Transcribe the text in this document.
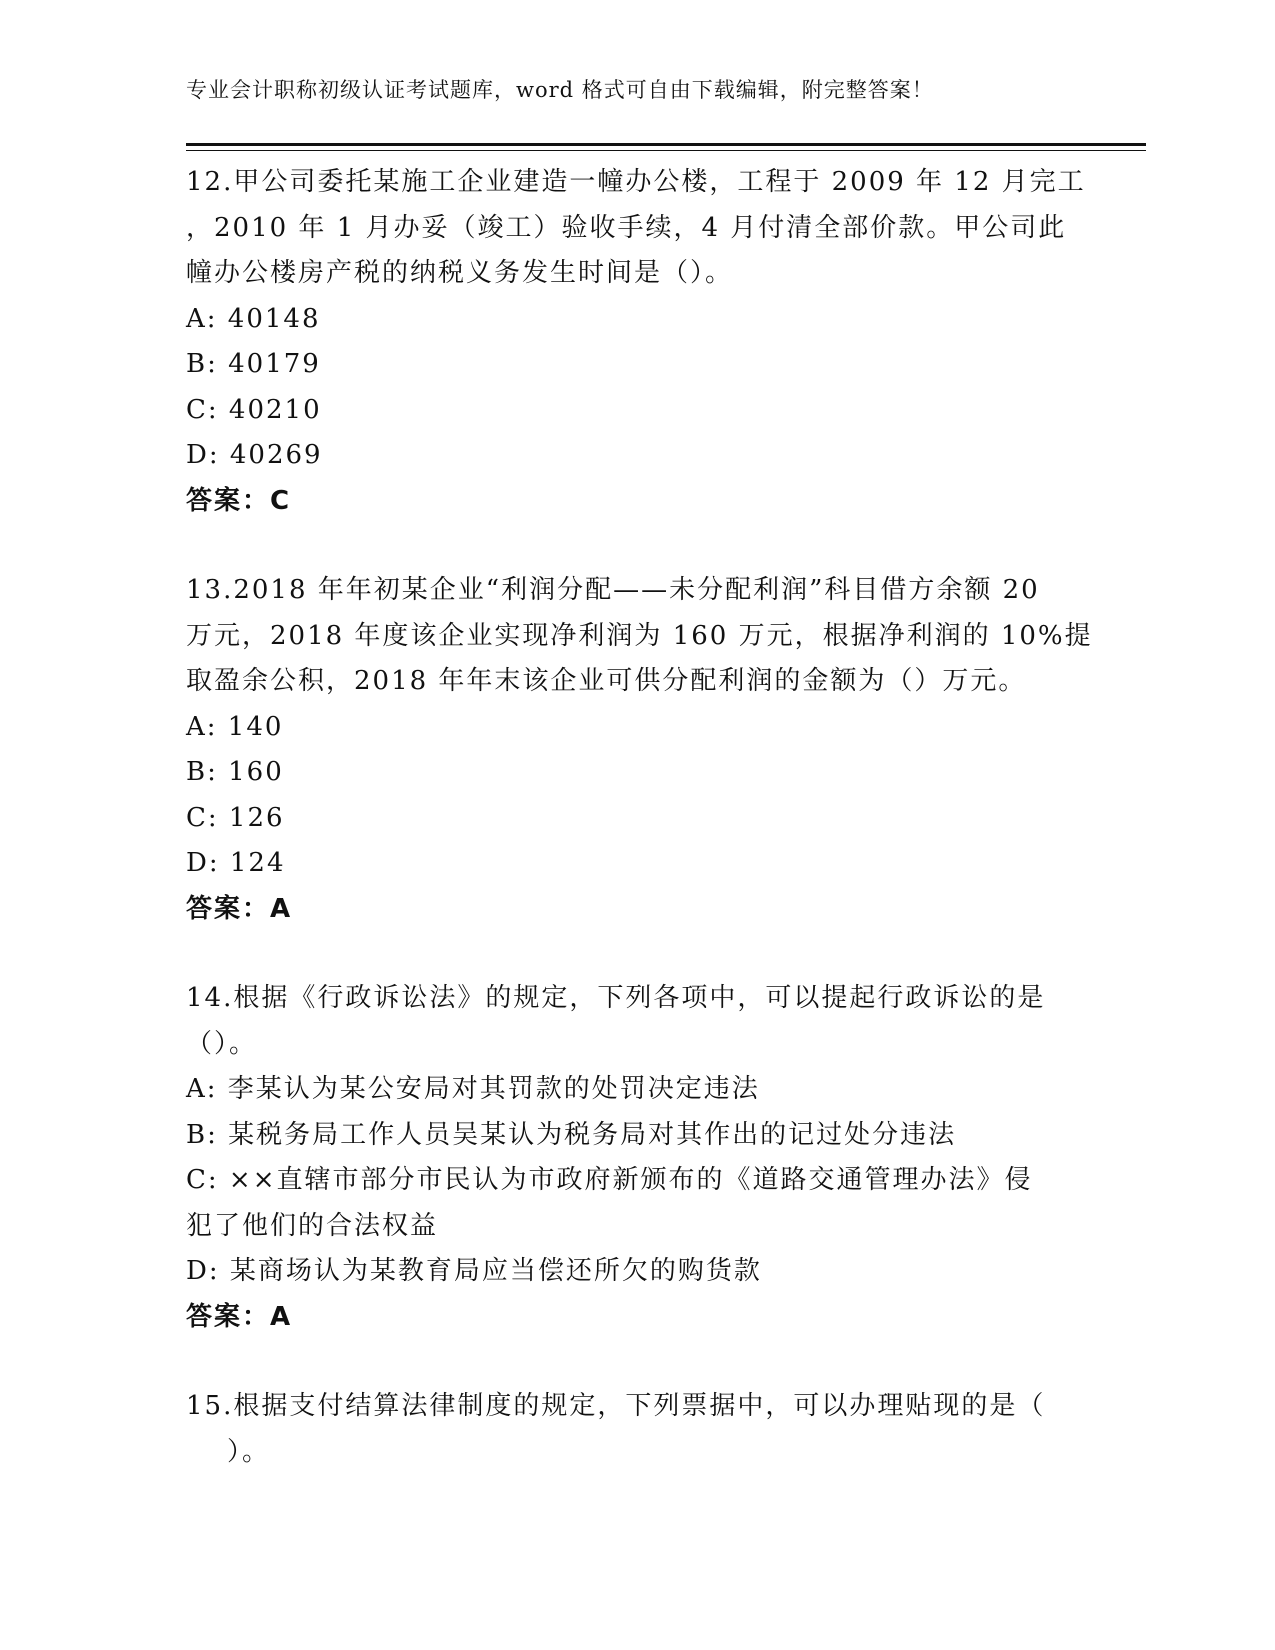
专业会计职称初级认证考试题库，word 格式可自由下载编辑，附完整答案！
12.甲公司委托某施工企业建造一幢办公楼，工程于 2009 年 12 月完工
，2010 年 1 月办妥（竣工）验收手续，4 月付清全部价款。甲公司此
幢办公楼房产税的纳税义务发生时间是（）。
A: 40148
B: 40179
C: 40210
D: 40269
答案：C
13.2018 年年初某企业“利润分配——未分配利润”科目借方余额 20
万元，2018 年度该企业实现净利润为 160 万元，根据净利润的 10%提
取盈余公积，2018 年年末该企业可供分配利润的金额为（）万元。
A: 140
B: 160
C: 126
D: 124
答案：A
14.根据《行政诉讼法》的规定，下列各项中，可以提起行政诉讼的是
（）。
A: 李某认为某公安局对其罚款的处罚决定违法
B: 某税务局工作人员吴某认为税务局对其作出的记过处分违法
C: ××直辖市部分市民认为市政府新颁布的《道路交通管理办法》侵
犯了他们的合法权益
D: 某商场认为某教育局应当偿还所欠的购货款
答案：A
15.根据支付结算法律制度的规定，下列票据中，可以办理贴现的是（
）。
